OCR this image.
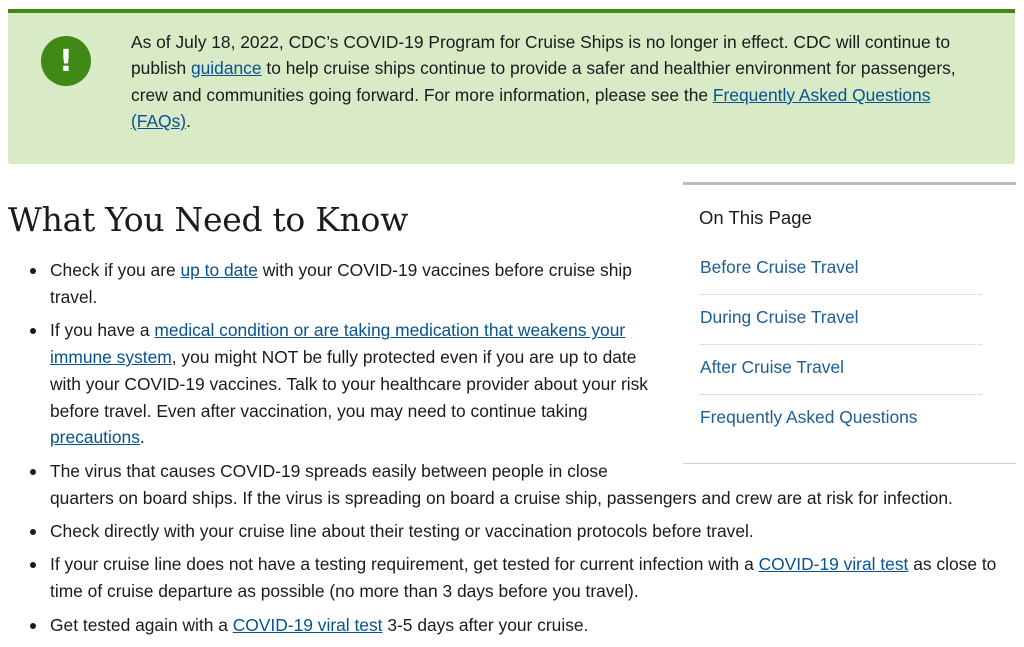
!
As of July 18, 2022, CDC’s COVID-19 Program for Cruise Ships is no longer in effect. CDC will continue to publish guidance to help cruise ships continue to provide a safer and healthier environment for passengers, crew and communities going forward. For more information, please see the Frequently Asked Questions (FAQs).
What You Need to Know	On This Page
Before Cruise Travel
During Cruise Travel
After Cruise Travel
Frequently Asked Questions
Check if you are up to date with your COVID-19 vaccines before cruise ship travel.
If you have a medical condition or are taking medication that weakens your immune system, you might NOT be fully protected even if you are up to date with your COVID-19 vaccines. Talk to your healthcare provider about your risk before travel. Even after vaccination, you may need to continue taking precautions.
The virus that causes COVID-19 spreads easily between people in close
quarters on board ships. If the virus is spreading on board a cruise ship, passengers and crew are at risk for infection.
Check directly with your cruise line about their testing or vaccination protocols before travel.
If your cruise line does not have a testing requirement, get tested for current infection with a COVID-19 viral test as close to time of cruise departure as possible (no more than 3 days before you travel).
Get tested again with a COVID-19 viral test 3-5 days after your cruise.
